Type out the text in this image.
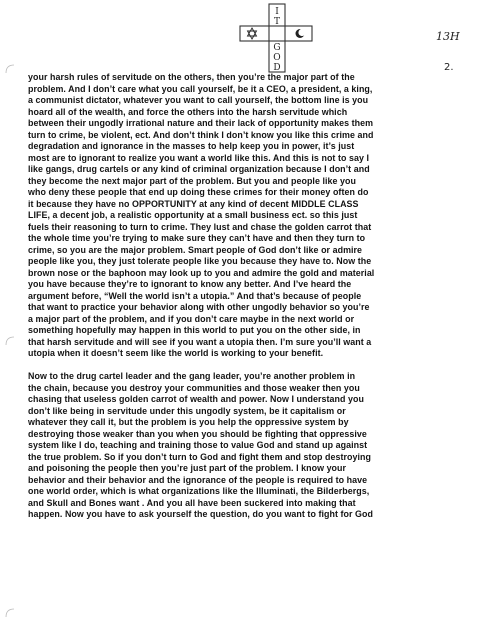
I
T
G
O
D
13H
2.
your harsh rules of servitude on the others, then you’re the major part of the
problem. And I don’t care what you call yourself, be it a CEO, a president, a king,
a communist dictator, whatever you want to call yourself, the bottom line is you
hoard all of the wealth, and force the others into the harsh servitude which
between their ungodly irrational nature and their lack of opportunity makes them
turn to crime, be violent, ect. And don’t think I don’t know you like this crime and
degradation and ignorance in the masses to help keep you in power, it’s just
most are to ignorant to realize you want a world like this. And this is not to say I
like gangs, drug cartels or any kind of criminal organization because I don’t and
they become the next major part of the problem. But you and people like you
who deny these people that end up doing these crimes for their money often do
it because they have no OPPORTUNITY at any kind of decent MIDDLE CLASS
LIFE, a decent job, a realistic opportunity at a small business ect. so this just
fuels their reasoning to turn to crime. They lust and chase the golden carrot that
the whole time you’re trying to make sure they can’t have and then they turn to
crime, so you are the major problem. Smart people of God don’t like or admire
people like you, they just tolerate people like you because they have to. Now the
brown nose or the baphoon may look up to you and admire the gold and material
you have because they’re to ignorant to know any better. And I’ve heard the
argument before, “Well the world isn’t a utopia.” And that’s because of people
that want to practice your behavior along with other ungodly behavior so you’re
a major part of the problem, and if you don’t care maybe in the next world or
something hopefully may happen in this world to put you on the other side, in
that harsh servitude and will see if you want a utopia then. I’m sure you’ll want a
utopia when it doesn’t seem like the world is working to your benefit.
Now to the drug cartel leader and the gang leader, you’re another problem in
the chain, because you destroy your communities and those weaker then you
chasing that useless golden carrot of wealth and power. Now I understand you
don’t like being in servitude under this ungodly system, be it capitalism or
whatever they call it, but the problem is you help the oppressive system by
destroying those weaker than you when you should be fighting that oppressive
system like I do, teaching and training those to value God and stand up against
the true problem. So if you don’t turn to God and fight them and stop destroying
and poisoning the people then you’re just part of the problem. I know your
behavior and their behavior and the ignorance of the people is required to have
one world order, which is what organizations like the Illuminati, the Bilderbergs,
and Skull and Bones want . And you all have been suckered into making that
happen. Now you have to ask yourself the question, do you want to fight for God
